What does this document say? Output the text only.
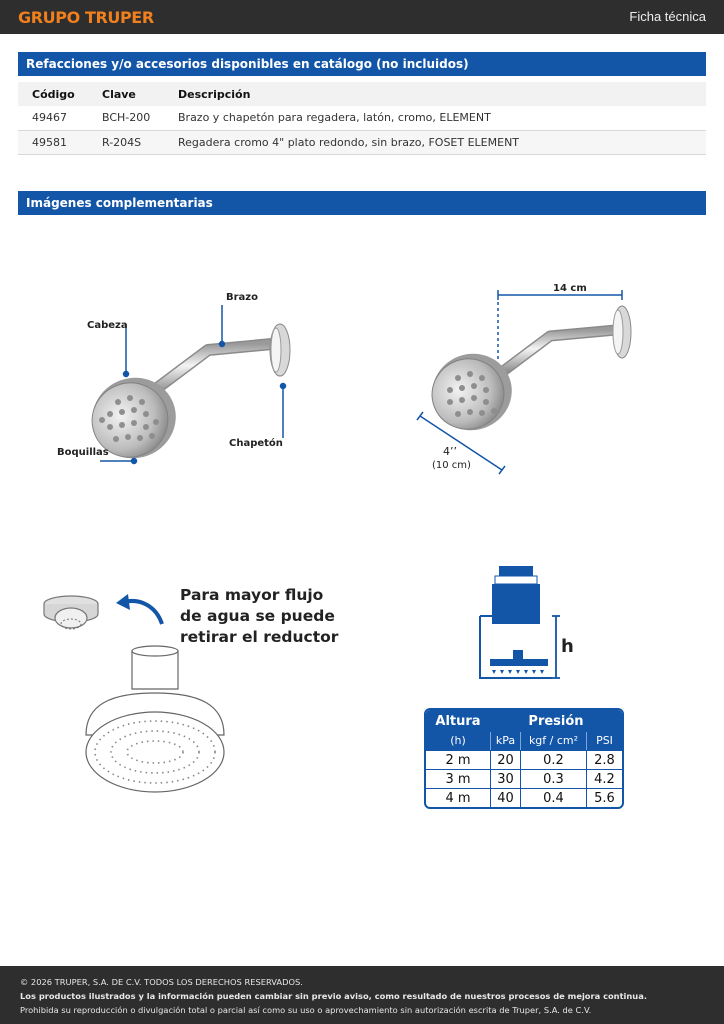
GRUPO TRUPER	Ficha técnica
Refacciones y/o accesorios disponibles en catálogo (no incluidos)
Código	Clave	Descripción
49467	BCH-200	Brazo y chapetón para regadera, latón, cromo, ELEMENT
49581	R-204S	Regadera cromo 4" plato redondo, sin brazo, FOSET ELEMENT
Imágenes complementarias
Brazo
Cabeza
Chapetón
Boquillas
14 cm
4’’
(10 cm)
Para mayor flujo
de agua se puede
retirar el reductor	h
Altura	Presión
(h)	kPa	kgf / cm²	PSI
2 m	20	0.2	2.8
3 m	30	0.3	4.2
4 m	40	0.4	5.6
© 2026 TRUPER, S.A. DE C.V. TODOS LOS DERECHOS RESERVADOS.
Los productos ilustrados y la información pueden cambiar sin previo aviso, como resultado de nuestros procesos de mejora continua.
Prohibida su reproducción o divulgación total o parcial así como su uso o aprovechamiento sin autorización escrita de Truper, S.A. de C.V.
